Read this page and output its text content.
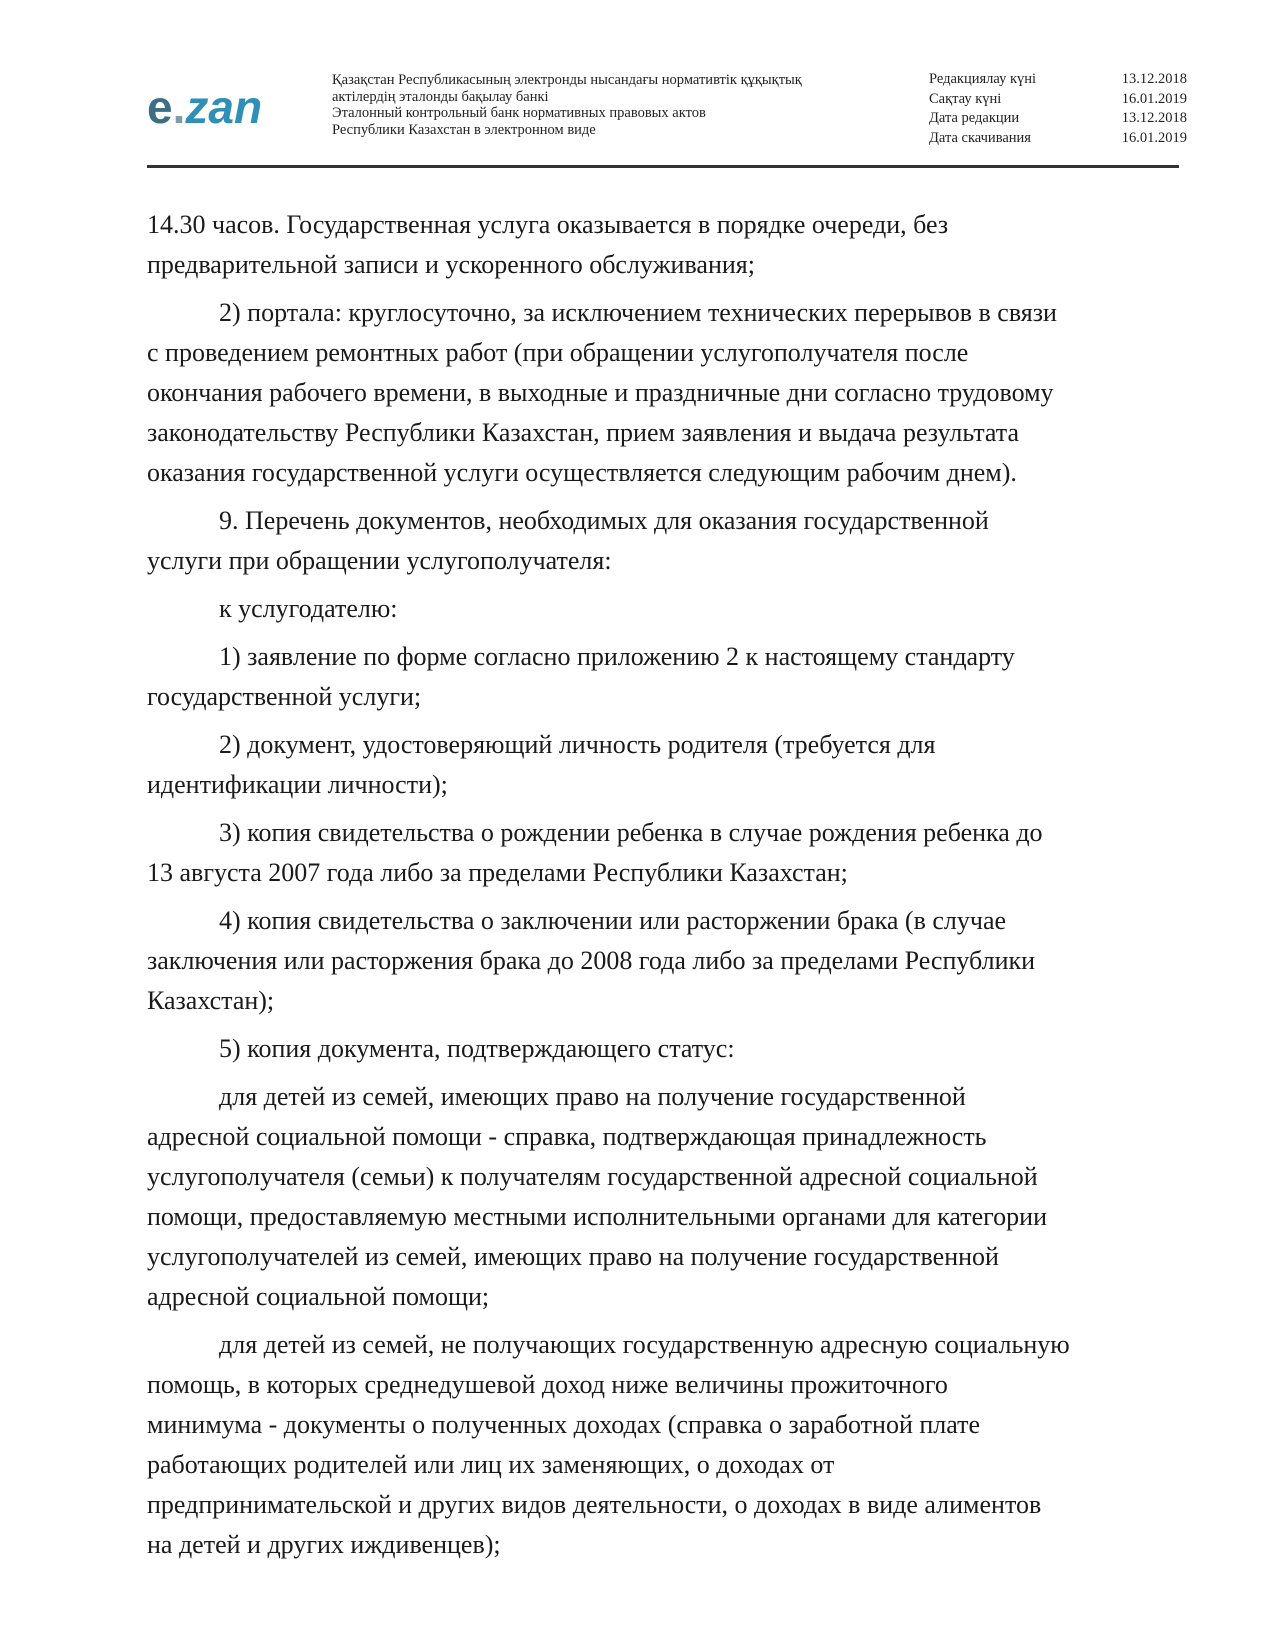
e . zan
Қазақстан Республикасының электронды нысандағы нормативтік құқықтық
актілердің эталонды бақылау банкі
Эталонный контрольный банк нормативных правовых актов
Республики Казахстан в электронном виде
Редакциялау күні	13.12.2018
Сақтау күні	16.01.2019
Дата редакции	13.12.2018
Дата скачивания	16.01.2019
14.30 часов. Государственная услуга оказывается в порядке очереди, без
предварительной записи и ускоренного обслуживания;
2) портала: круглосуточно, за исключением технических перерывов в связи
с проведением ремонтных работ (при обращении услугополучателя после
окончания рабочего времени, в выходные и праздничные дни согласно трудовому
законодательству Республики Казахстан, прием заявления и выдача результата
оказания государственной услуги осуществляется следующим рабочим днем).
9. Перечень документов, необходимых для оказания государственной
услуги при обращении услугополучателя:
к услугодателю:
1) заявление по форме согласно приложению 2 к настоящему стандарту
государственной услуги;
2) документ, удостоверяющий личность родителя (требуется для
идентификации личности);
3) копия свидетельства о рождении ребенка в случае рождения ребенка до
13 августа 2007 года либо за пределами Республики Казахстан;
4) копия свидетельства о заключении или расторжении брака (в случае
заключения или расторжения брака до 2008 года либо за пределами Республики
Казахстан);
5) копия документа, подтверждающего статус:
для детей из семей, имеющих право на получение государственной
адресной социальной помощи - справка, подтверждающая принадлежность
услугополучателя (семьи) к получателям государственной адресной социальной
помощи, предоставляемую местными исполнительными органами для категории
услугополучателей из семей, имеющих право на получение государственной
адресной социальной помощи;
для детей из семей, не получающих государственную адресную социальную
помощь, в которых среднедушевой доход ниже величины прожиточного
минимума - документы о полученных доходах (справка о заработной плате
работающих родителей или лиц их заменяющих, о доходах от
предпринимательской и других видов деятельности, о доходах в виде алиментов
на детей и других иждивенцев);
